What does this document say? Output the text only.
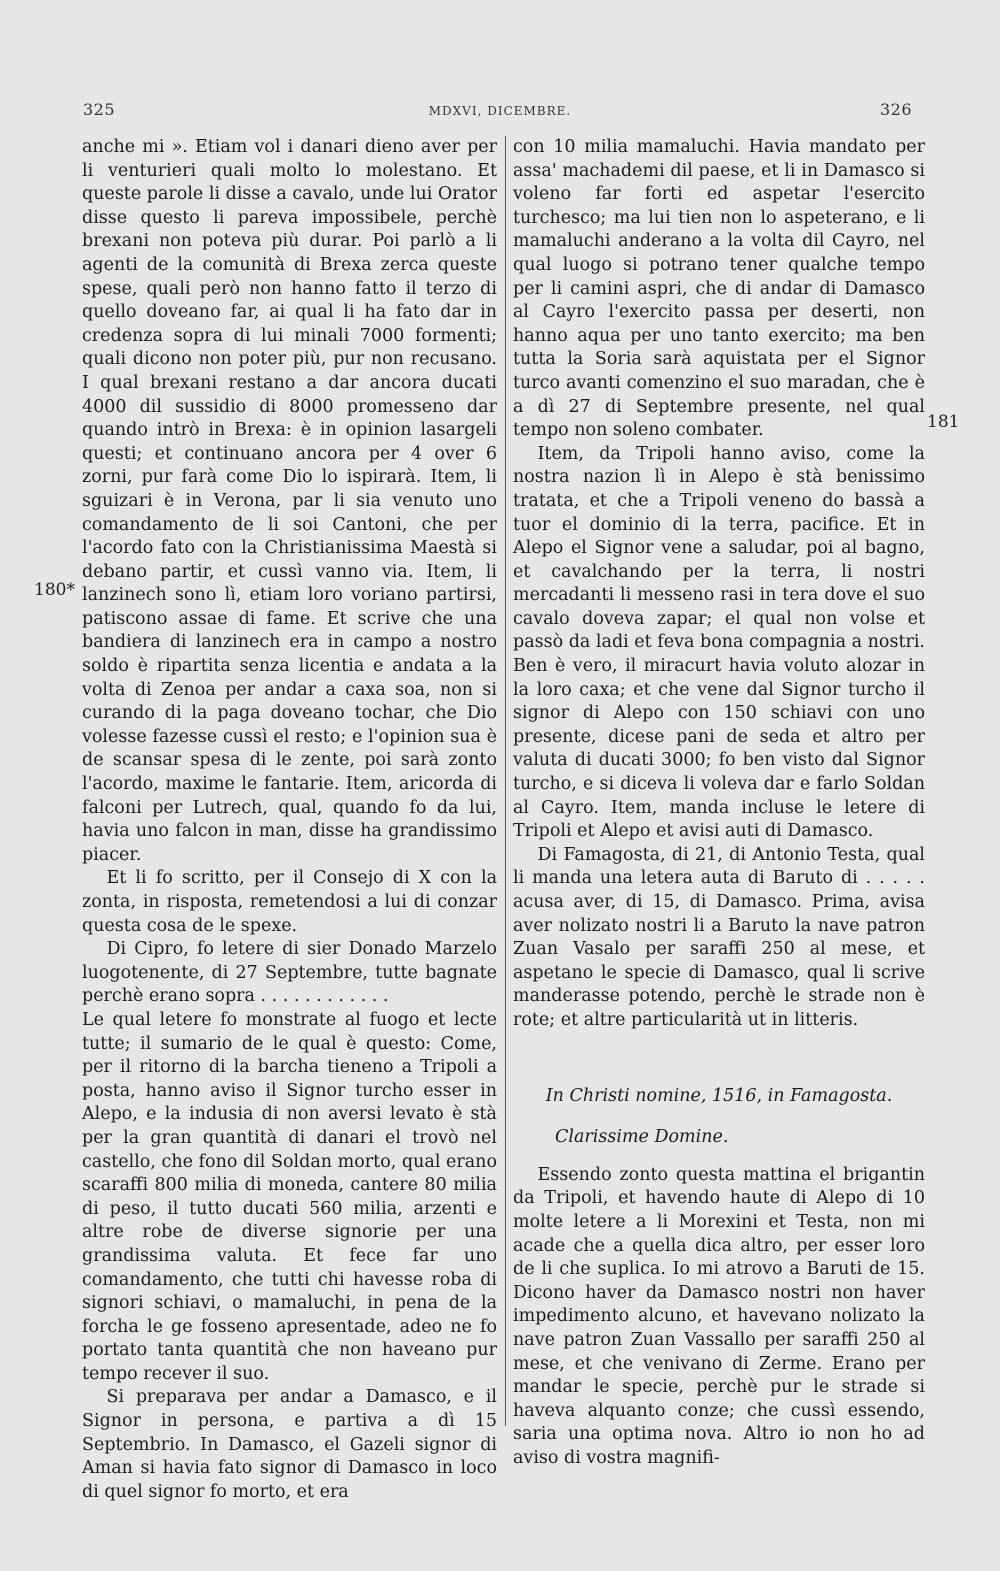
325	MDXVI, DICEMBRE.	326
180*
181

anche mi ». Etiam vol i danari dieno aver per li venturieri quali molto lo molestano. Et queste parole li disse a cavalo, unde lui Orator disse questo li pareva impossibele, perchè brexani non poteva più durar. Poi parlò a li agenti de la comunità di Brexa zerca queste spese, quali però non hanno fatto il terzo di quello doveano far, ai qual li ha fato dar in credenza sopra di lui minali 7000 formenti; quali dicono non poter più, pur non recusano. I qual brexani restano a dar ancora ducati 4000 dil sussidio di 8000 promesseno dar quando intrò in Brexa: è in opinion lasargeli questi; et continuano ancora per 4 over 6 zorni, pur farà come Dio lo ispirarà. Item, li sguizari è in Verona, par li sia venuto uno comandamento de li soi Cantoni, che per l'acordo fato con la Christianissima Maestà si debano partir, et cussì vanno via. Item, li lanzinech sono lì, etiam loro voriano partirsi, patiscono assae di fame. Et scrive che una bandiera di lanzinech era in campo a nostro soldo è ripartita senza licentia e andata a la volta di Zenoa per andar a caxa soa, non si curando di la paga doveano tochar, che Dio volesse fazesse cussì el resto; e l'opinion sua è de scansar spesa di le zente, poi sarà zonto l'acordo, maxime le fantarie. Item, aricorda di falconi per Lutrech, qual, quando fo da lui, havia uno falcon in man, disse ha grandissimo piacer.

Et li fo scritto, per il Consejo di X con la zonta, in risposta, remetendosi a lui di conzar questa cosa de le spexe.

Di Cipro, fo letere di sier Donado Marzelo luogotenente, di 27 Septembre, tutte bagnate perchè erano sopra . . . . . . . . . . . .

Le qual letere fo monstrate al fuogo et lecte tutte; il sumario de le qual è questo: Come, per il ritorno di la barcha tieneno a Tripoli a posta, hanno aviso il Signor turcho esser in Alepo, e la indusia di non aversi levato è stà per la gran quantità di danari el trovò nel castello, che fono dil Soldan morto, qual erano scaraffi 800 milia di moneda, cantere 80 milia di peso, il tutto ducati 560 milia, arzenti e altre robe de diverse signorie per una grandissima valuta. Et fece far uno comandamento, che tutti chi havesse roba di signori schiavi, o mamaluchi, in pena de la forcha le ge fosseno apresentade, adeo ne fo portato tanta quantità che non haveano pur tempo recever il suo.

Si preparava per andar a Damasco, e il Signor in persona, e partiva a dì 15 Septembrio. In Damasco, el Gazeli signor di Aman si havia fato signor di Damasco in loco di quel signor fo morto, et era

con 10 milia mamaluchi. Havia mandato per assa' machademi dil paese, et li in Damasco si voleno far forti ed aspetar l'esercito turchesco; ma lui tien non lo aspeterano, e li mamaluchi anderano a la volta dil Cayro, nel qual luogo si potrano tener qualche tempo per li camini aspri, che di andar di Damasco al Cayro l'exercito passa per deserti, non hanno aqua per uno tanto exercito; ma ben tutta la Soria sarà aquistata per el Signor turco avanti comenzino el suo maradan, che è a dì 27 di Septembre presente, nel qual tempo non soleno combater.

Item, da Tripoli hanno aviso, come la nostra nazion lì in Alepo è stà benissimo tratata, et che a Tripoli veneno do bassà a tuor el dominio di la terra, pacifice. Et in Alepo el Signor vene a saludar, poi al bagno, et cavalchando per la terra, li nostri mercadanti li messeno rasi in tera dove el suo cavalo doveva zapar; el qual non volse et passò da ladi et feva bona compagnia a nostri. Ben è vero, il miracurt havia voluto alozar in la loro caxa; et che vene dal Signor turcho il signor di Alepo con 150 schiavi con uno presente, dicese pani de seda et altro per valuta di ducati 3000; fo ben visto dal Signor turcho, e si diceva li voleva dar e farlo Soldan al Cayro. Item, manda incluse le letere di Tripoli et Alepo et avisi auti di Damasco.

Di Famagosta, di 21, di Antonio Testa, qual li manda una letera auta di Baruto di . . . . . acusa aver, di 15, di Damasco. Prima, avisa aver nolizato nostri li a Baruto la nave patron Zuan Vasalo per saraffi 250 al mese, et aspetano le specie di Damasco, qual li scrive manderasse potendo, perchè le strade non è rote; et altre particularità ut in litteris.

In Christi nomine, 1516, in Famagosta.

Clarissime Domine.

Essendo zonto questa mattina el brigantin da Tripoli, et havendo haute di Alepo di 10 molte letere a li Morexini et Testa, non mi acade che a quella dica altro, per esser loro de li che suplica. Io mi atrovo a Baruti de 15. Dicono haver da Damasco nostri non haver impedimento alcuno, et havevano nolizato la nave patron Zuan Vassallo per saraffi 250 al mese, et che venivano di Zerme. Erano per mandar le specie, perchè pur le strade si haveva alquanto conze; che cussì essendo, saria una optima nova. Altro io non ho ad aviso di vostra magnifi-
